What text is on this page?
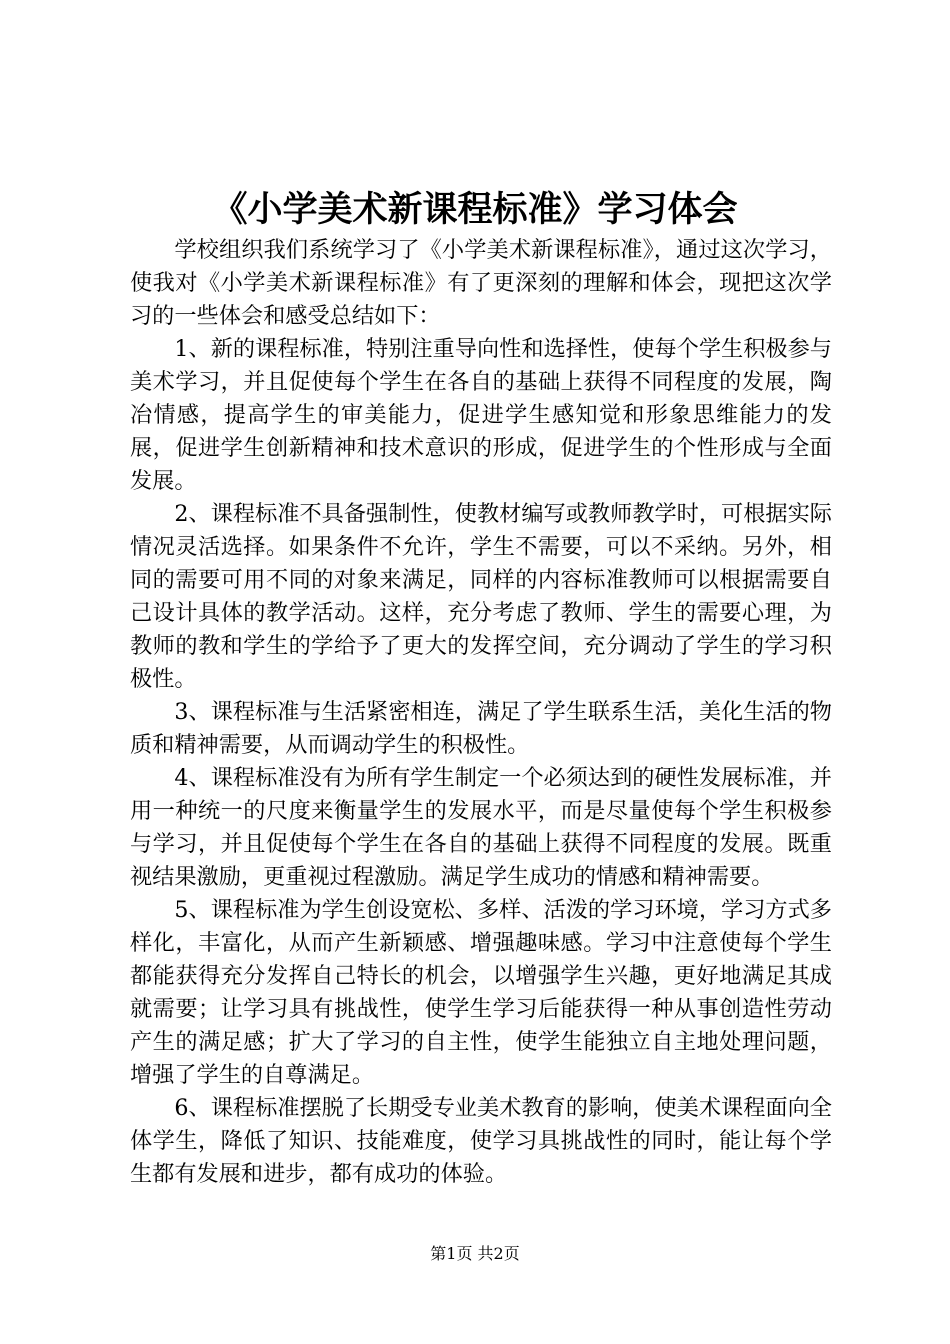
《小学美术新课程标准》学习体会

学校组织我们系统学习了《小学美术新课程标准》，通过这次学习，使我对《小学美术新课程标准》有了更深刻的理解和体会，现把这次学习的一些体会和感受总结如下：

1、新的课程标准，特别注重导向性和选择性，使每个学生积极参与美术学习，并且促使每个学生在各自的基础上获得不同程度的发展，陶冶情感，提高学生的审美能力，促进学生感知觉和形象思维能力的发展，促进学生创新精神和技术意识的形成，促进学生的个性形成与全面发展。

2、课程标准不具备强制性，使教材编写或教师教学时，可根据实际情况灵活选择。如果条件不允许，学生不需要，可以不采纳。另外，相同的需要可用不同的对象来满足，同样的内容标准教师可以根据需要自己设计具体的教学活动。这样，充分考虑了教师、学生的需要心理，为教师的教和学生的学给予了更大的发挥空间，充分调动了学生的学习积极性。

3、课程标准与生活紧密相连，满足了学生联系生活，美化生活的物质和精神需要，从而调动学生的积极性。

4、课程标准没有为所有学生制定一个必须达到的硬性发展标准，并用一种统一的尺度来衡量学生的发展水平，而是尽量使每个学生积极参与学习，并且促使每个学生在各自的基础上获得不同程度的发展。既重视结果激励，更重视过程激励。满足学生成功的情感和精神需要。

5、课程标准为学生创设宽松、多样、活泼的学习环境，学习方式多样化，丰富化，从而产生新颖感、增强趣味感。学习中注意使每个学生都能获得充分发挥自己特长的机会，以增强学生兴趣，更好地满足其成就需要；让学习具有挑战性，使学生学习后能获得一种从事创造性劳动产生的满足感；扩大了学习的自主性，使学生能独立自主地处理问题，增强了学生的自尊满足。

6、课程标准摆脱了长期受专业美术教育的影响，使美术课程面向全体学生，降低了知识、技能难度，使学习具挑战性的同时，能让每个学生都有发展和进步，都有成功的体验。

第1页 共2页
